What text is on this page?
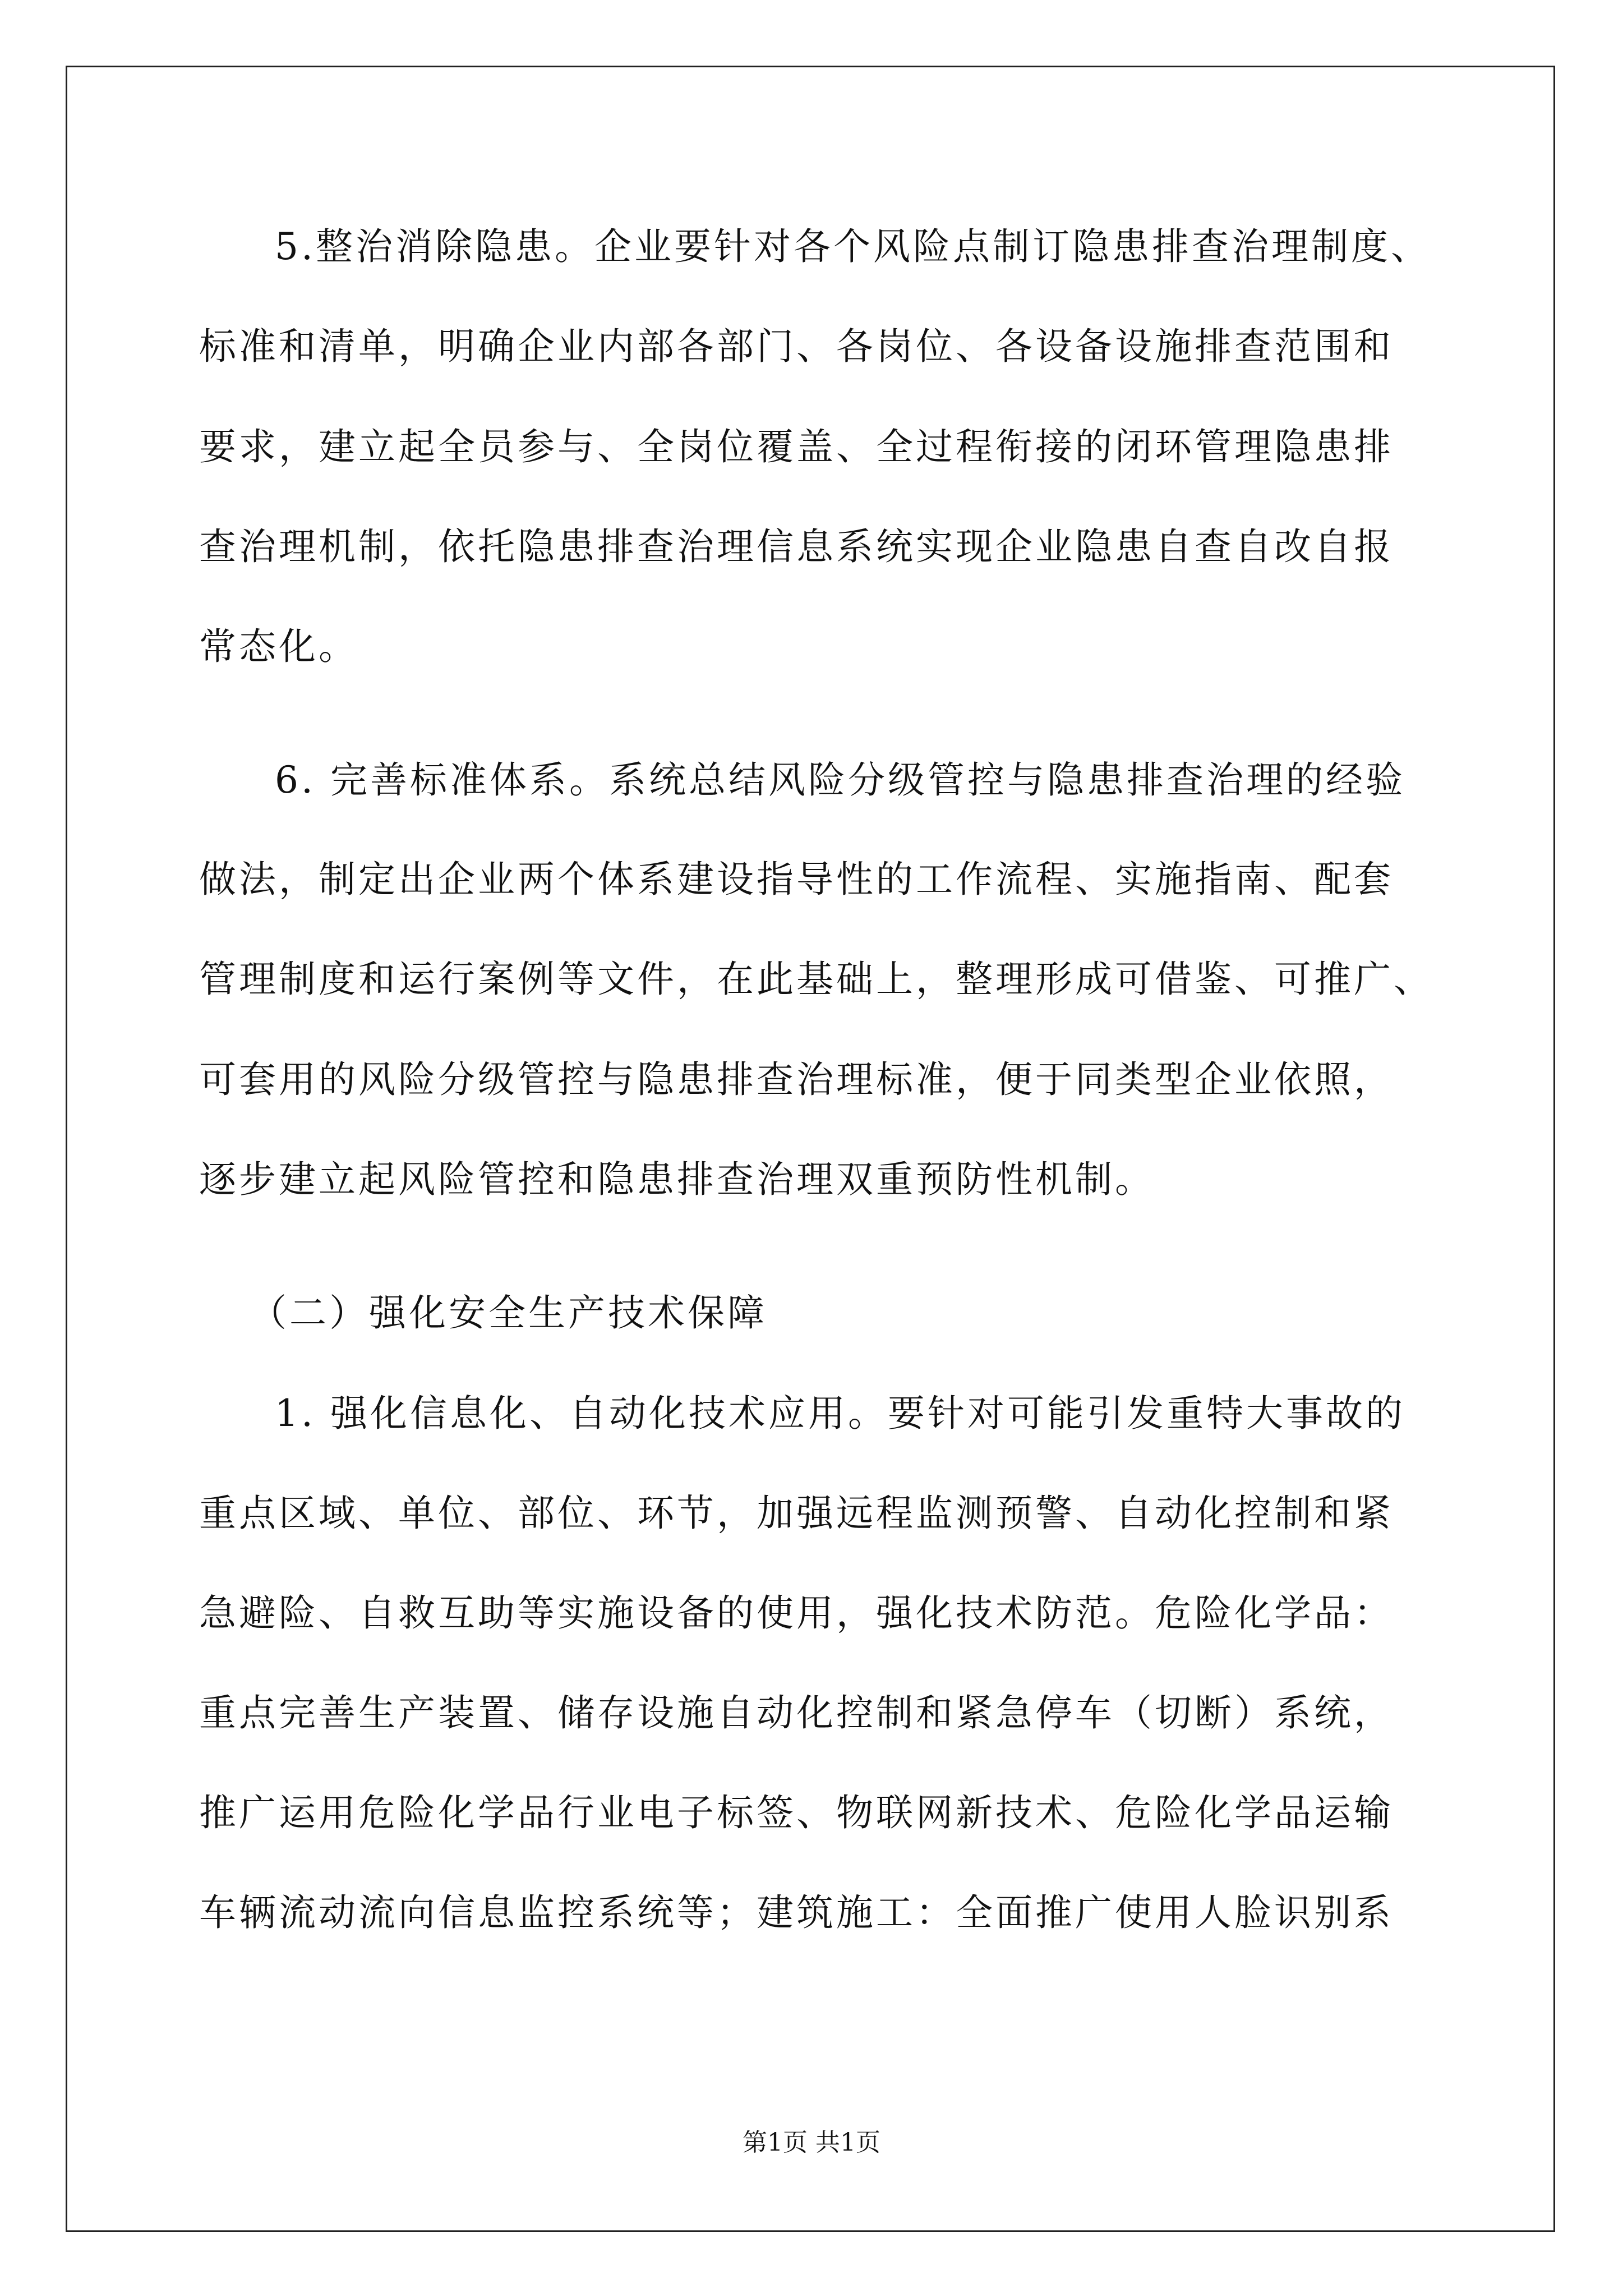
5.整治消除隐患。企业要针对各个风险点制订隐患排查治理制度、
标准和清单，明确企业内部各部门、各岗位、各设备设施排查范围和
要求，建立起全员参与、全岗位覆盖、全过程衔接的闭环管理隐患排
查治理机制，依托隐患排查治理信息系统实现企业隐患自查自改自报
常态化。
6. 完善标准体系。系统总结风险分级管控与隐患排查治理的经验
做法，制定出企业两个体系建设指导性的工作流程、实施指南、配套
管理制度和运行案例等文件，在此基础上，整理形成可借鉴、可推广、
可套用的风险分级管控与隐患排查治理标准，便于同类型企业依照，
逐步建立起风险管控和隐患排查治理双重预防性机制。
（二）强化安全生产技术保障
1. 强化信息化、自动化技术应用。要针对可能引发重特大事故的
重点区域、单位、部位、环节，加强远程监测预警、自动化控制和紧
急避险、自救互助等实施设备的使用，强化技术防范。危险化学品：
重点完善生产装置、储存设施自动化控制和紧急停车（切断）系统，
推广运用危险化学品行业电子标签、物联网新技术、危险化学品运输
车辆流动流向信息监控系统等；建筑施工：全面推广使用人脸识别系
第1页 共1页
